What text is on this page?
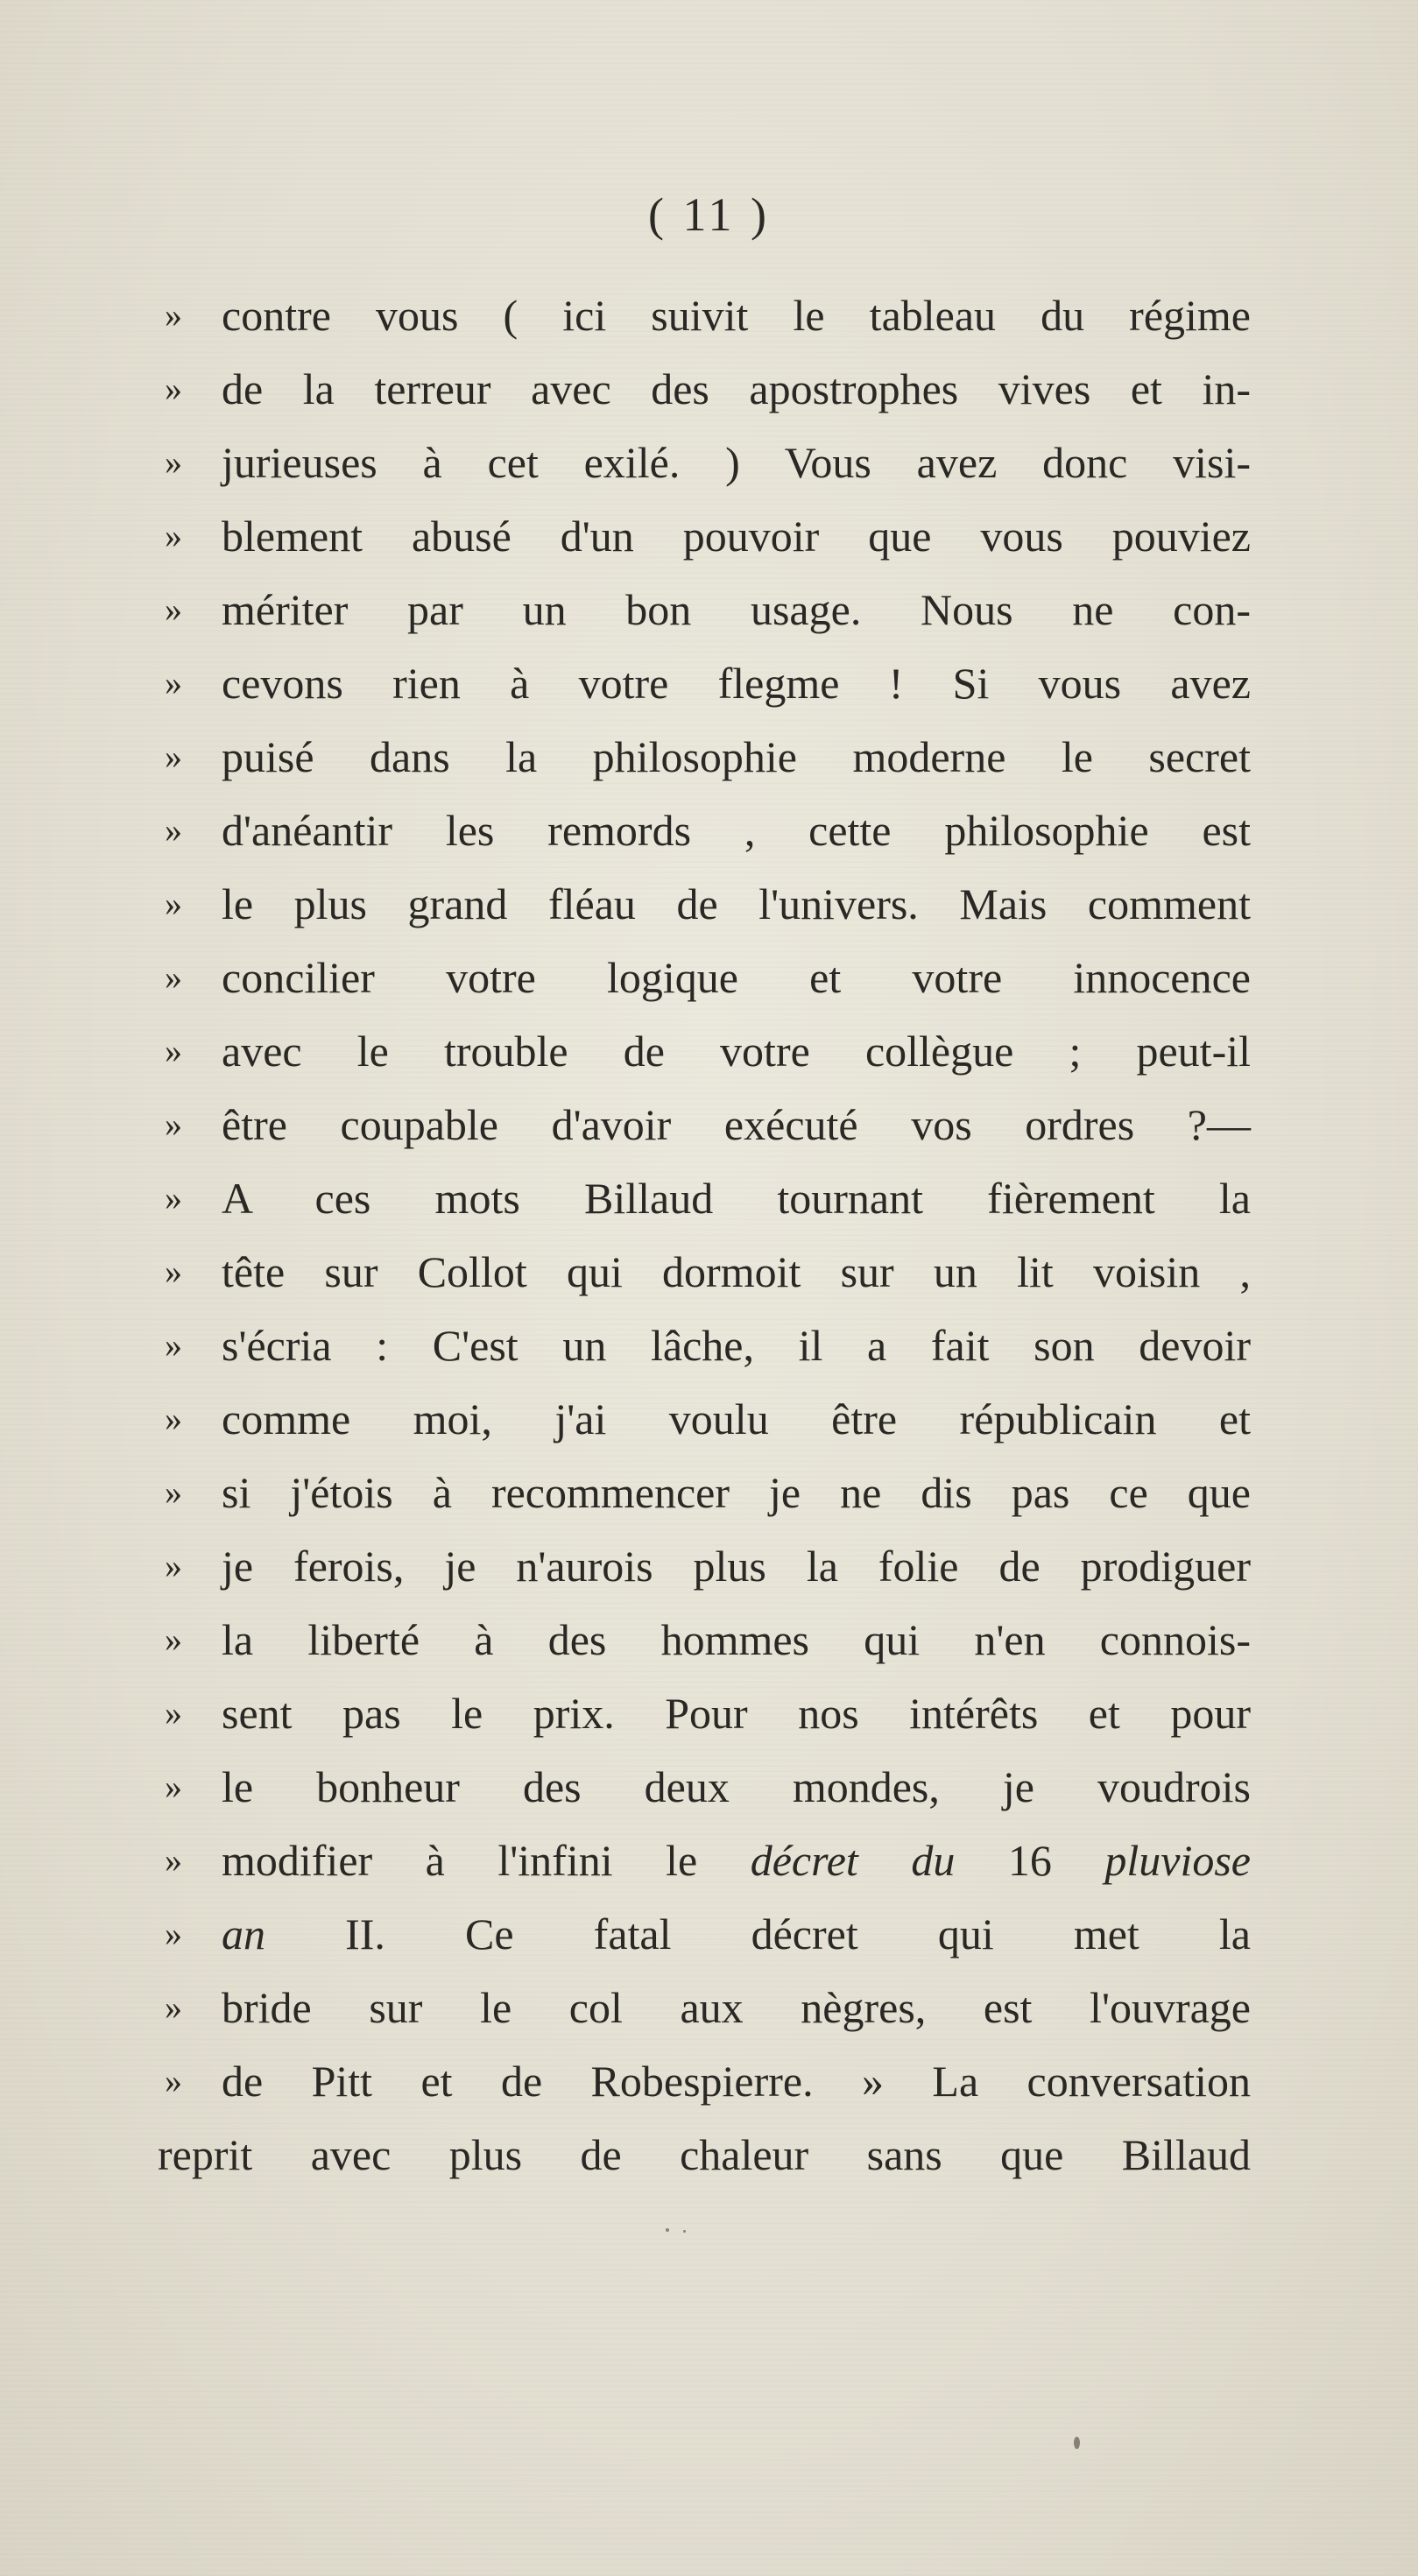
( 11 )
» contre vous ( ici suivit le tableau du régime
» de la terreur avec des apostrophes vives et in-
» jurieuses à cet exilé. ) Vous avez donc visi-
» blement abusé d'un pouvoir que vous pouviez
» mériter par un bon usage. Nous ne con-
» cevons rien à votre flegme ! Si vous avez
» puisé dans la philosophie moderne le secret
» d'anéantir les remords , cette philosophie est
» le plus grand fléau de l'univers. Mais comment
» concilier votre logique et votre innocence
» avec le trouble de votre collègue ; peut-il
» être coupable d'avoir exécuté vos ordres ?—
» A ces mots Billaud tournant fièrement la
» tête sur Collot qui dormoit sur un lit voisin ,
» s'écria : C'est un lâche, il a fait son devoir
» comme moi, j'ai voulu être républicain et
» si j'étois à recommencer je ne dis pas ce que
» je ferois, je n'aurois plus la folie de prodiguer
» la liberté à des hommes qui n'en connois-
» sent pas le prix. Pour nos intérêts et pour
» le bonheur des deux mondes, je voudrois
» modifier à l'infini le décret du 16 pluviose
» an II. Ce fatal décret qui met la
» bride sur le col aux nègres, est l'ouvrage
» de Pitt et de Robespierre. » La conversation
reprit avec plus de chaleur sans que Billaud
